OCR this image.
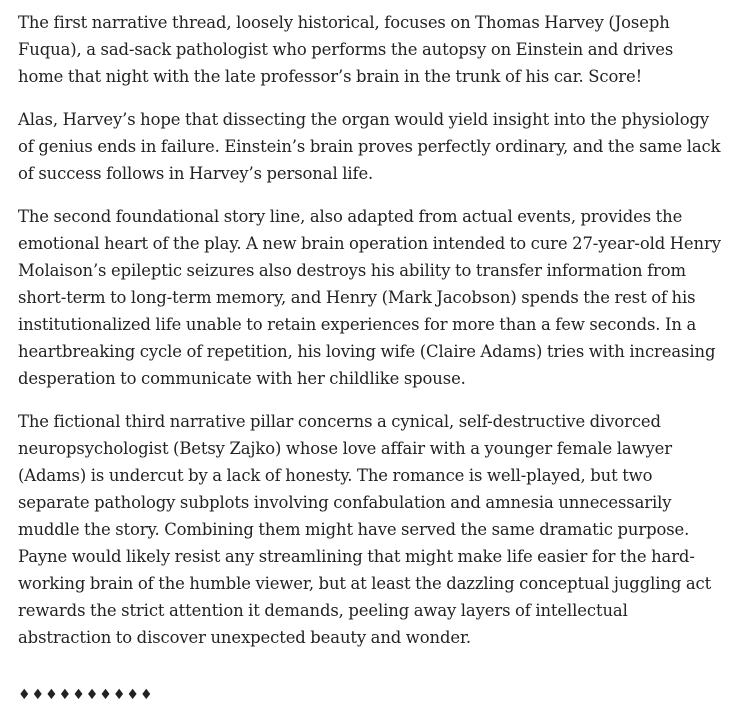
The first narrative thread, loosely historical, focuses on Thomas Harvey (Joseph Fuqua), a sad-sack pathologist who performs the autopsy on Einstein and drives home that night with the late professor’s brain in the trunk of his car. Score!

Alas, Harvey’s hope that dissecting the organ would yield insight into the physiology of genius ends in failure. Einstein’s brain proves perfectly ordinary, and the same lack of success follows in Harvey’s personal life.

The second foundational story line, also adapted from actual events, provides the emotional heart of the play. A new brain operation intended to cure 27-year-old Henry Molaison’s epileptic seizures also destroys his ability to transfer information from short-term to long-term memory, and Henry (Mark Jacobson) spends the rest of his institutionalized life unable to retain experiences for more than a few seconds. In a heartbreaking cycle of repetition, his loving wife (Claire Adams) tries with increasing desperation to communicate with her childlike spouse.

The fictional third narrative pillar concerns a cynical, self-destructive divorced neuropsychologist (Betsy Zajko) whose love affair with a younger female lawyer (Adams) is undercut by a lack of honesty. The romance is well-played, but two separate pathology subplots involving confabulation and amnesia unnecessarily muddle the story. Combining them might have served the same dramatic purpose. Payne would likely resist any streamlining that might make life easier for the hard-working brain of the humble viewer, but at least the dazzling conceptual juggling act rewards the strict attention it demands, peeling away layers of intellectual abstraction to discover unexpected beauty and wonder.

♦♦♦♦♦♦♦♦♦♦
